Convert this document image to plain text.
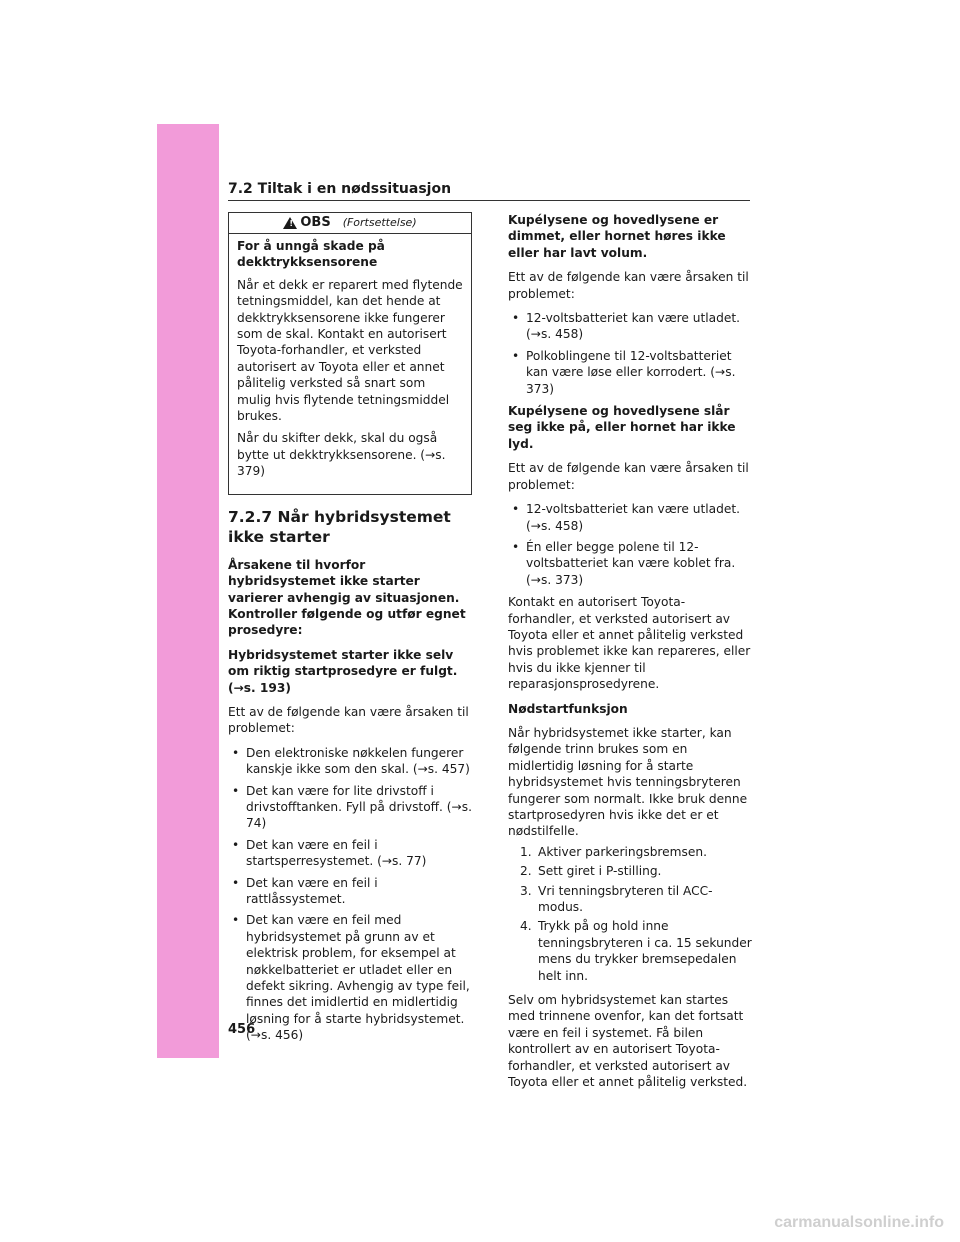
7.2 Tiltak i en nødssituasjon
! OBS (Fortsettelse)

For å unngå skade på dekktrykksensorene

Når et dekk er reparert med flytende tetningsmiddel, kan det hende at dekktrykksensorene ikke fungerer som de skal. Kontakt en autorisert Toyota-forhandler, et verksted autorisert av Toyota eller et annet pålitelig verksted så snart som mulig hvis flytende tetningsmiddel brukes.

Når du skifter dekk, skal du også bytte ut dekktrykksensorene. (→s. 379)

7.2.7 Når hybridsystemet ikke starter

Årsakene til hvorfor hybridsystemet ikke starter varierer avhengig av situasjonen. Kontroller følgende og utfør egnet prosedyre:

Hybridsystemet starter ikke selv om riktig startprosedyre er fulgt. (→s. 193)

Ett av de følgende kan være årsaken til problemet:

• Den elektroniske nøkkelen fungerer kanskje ikke som den skal. (→s. 457)
• Det kan være for lite drivstoff i drivstofftanken. Fyll på drivstoff. (→s. 74)
• Det kan være en feil i startsperresystemet. (→s. 77)
• Det kan være en feil i rattlåssystemet.
• Det kan være en feil med hybridsystemet på grunn av et elektrisk problem, for eksempel at nøkkelbatteriet er utladet eller en defekt sikring. Avhengig av type feil, finnes det imidlertid en midlertidig løsning for å starte hybridsystemet. (→s. 456)

Kupélysene og hovedlysene er dimmet, eller hornet høres ikke eller har lavt volum.

Ett av de følgende kan være årsaken til problemet:

• 12-voltsbatteriet kan være utladet. (→s. 458)
• Polkoblingene til 12-voltsbatteriet kan være løse eller korrodert. (→s. 373)

Kupélysene og hovedlysene slår seg ikke på, eller hornet har ikke lyd.

Ett av de følgende kan være årsaken til problemet:

• 12-voltsbatteriet kan være utladet. (→s. 458)
• Én eller begge polene til 12-voltsbatteriet kan være koblet fra. (→s. 373)

Kontakt en autorisert Toyota-forhandler, et verksted autorisert av Toyota eller et annet pålitelig verksted hvis problemet ikke kan repareres, eller hvis du ikke kjenner til reparasjonsprosedyrene.

Nødstartfunksjon

Når hybridsystemet ikke starter, kan følgende trinn brukes som en midlertidig løsning for å starte hybridsystemet hvis tenningsbryteren fungerer som normalt. Ikke bruk denne startprosedyren hvis ikke det er et nødstilfelle.

1. Aktiver parkeringsbremsen.
2. Sett giret i P-stilling.
3. Vri tenningsbryteren til ACC-modus.
4. Trykk på og hold inne tenningsbryteren i ca. 15 sekunder mens du trykker bremsepedalen helt inn.

Selv om hybridsystemet kan startes med trinnene ovenfor, kan det fortsatt være en feil i systemet. Få bilen kontrollert av en autorisert Toyota-forhandler, et verksted autorisert av Toyota eller et annet pålitelig verksted.

456
carmanualsonline.info
